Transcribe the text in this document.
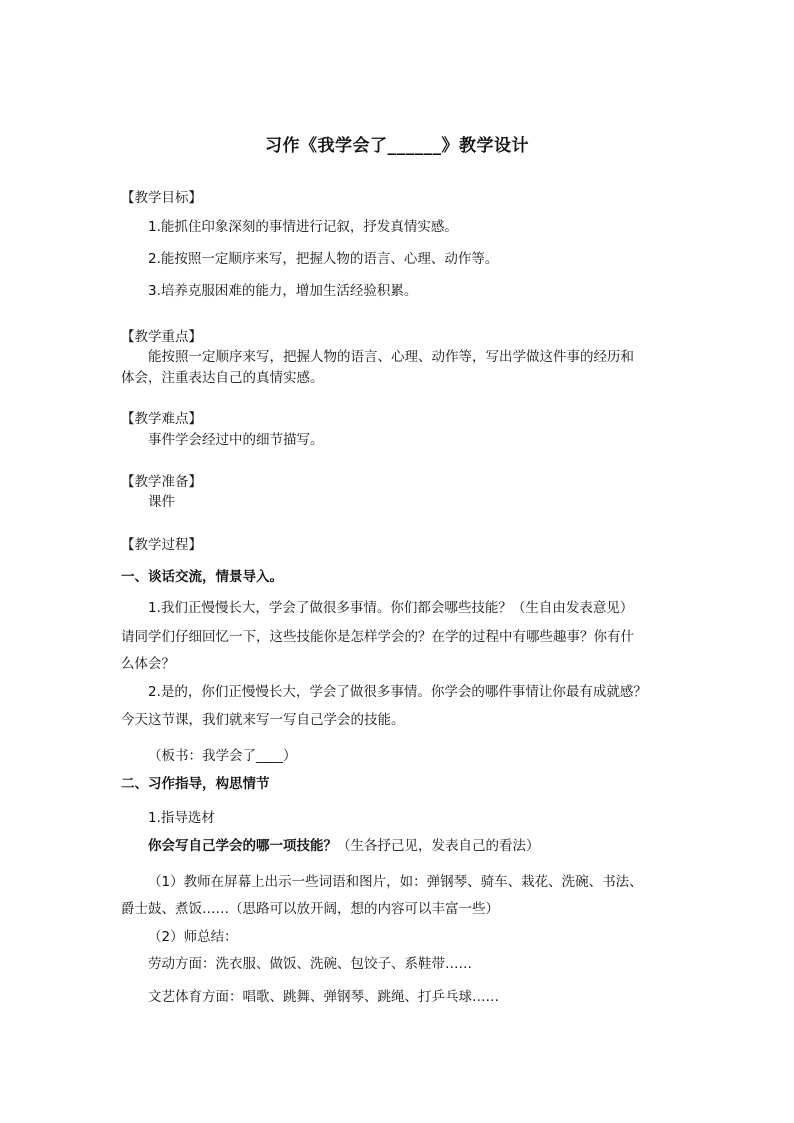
习作《我学会了______》教学设计
【教学目标】
1.能抓住印象深刻的事情进行记叙，抒发真情实感。
2.能按照一定顺序来写，把握人物的语言、心理、动作等。
3.培养克服困难的能力，增加生活经验积累。
【教学重点】
能按照一定顺序来写，把握人物的语言、心理、动作等，写出学做这件事的经历和
体会，注重表达自己的真情实感。
【教学难点】
事件学会经过中的细节描写。
【教学准备】
课件
【教学过程】
一、谈话交流，情景导入。
1.我们正慢慢长大，学会了做很多事情。你们都会哪些技能？（生自由发表意见）
请同学们仔细回忆一下，这些技能你是怎样学会的？在学的过程中有哪些趣事？你有什
么体会？
2.是的，你们正慢慢长大，学会了做很多事情。你学会的哪件事情让你最有成就感？
今天这节课，我们就来写一写自己学会的技能。
（板书：我学会了____）
二、习作指导，构思情节
1.指导选材
你会写自己学会的哪一项技能？（生各抒己见，发表自己的看法）
（1）教师在屏幕上出示一些词语和图片，如：弹钢琴、骑车、栽花、洗碗、书法、
爵士鼓、煮饭……（思路可以放开阔，想的内容可以丰富一些）
（2）师总结：
劳动方面：洗衣服、做饭、洗碗、包饺子、系鞋带……
文艺体育方面：唱歌、跳舞、弹钢琴、跳绳、打乒乓球……
